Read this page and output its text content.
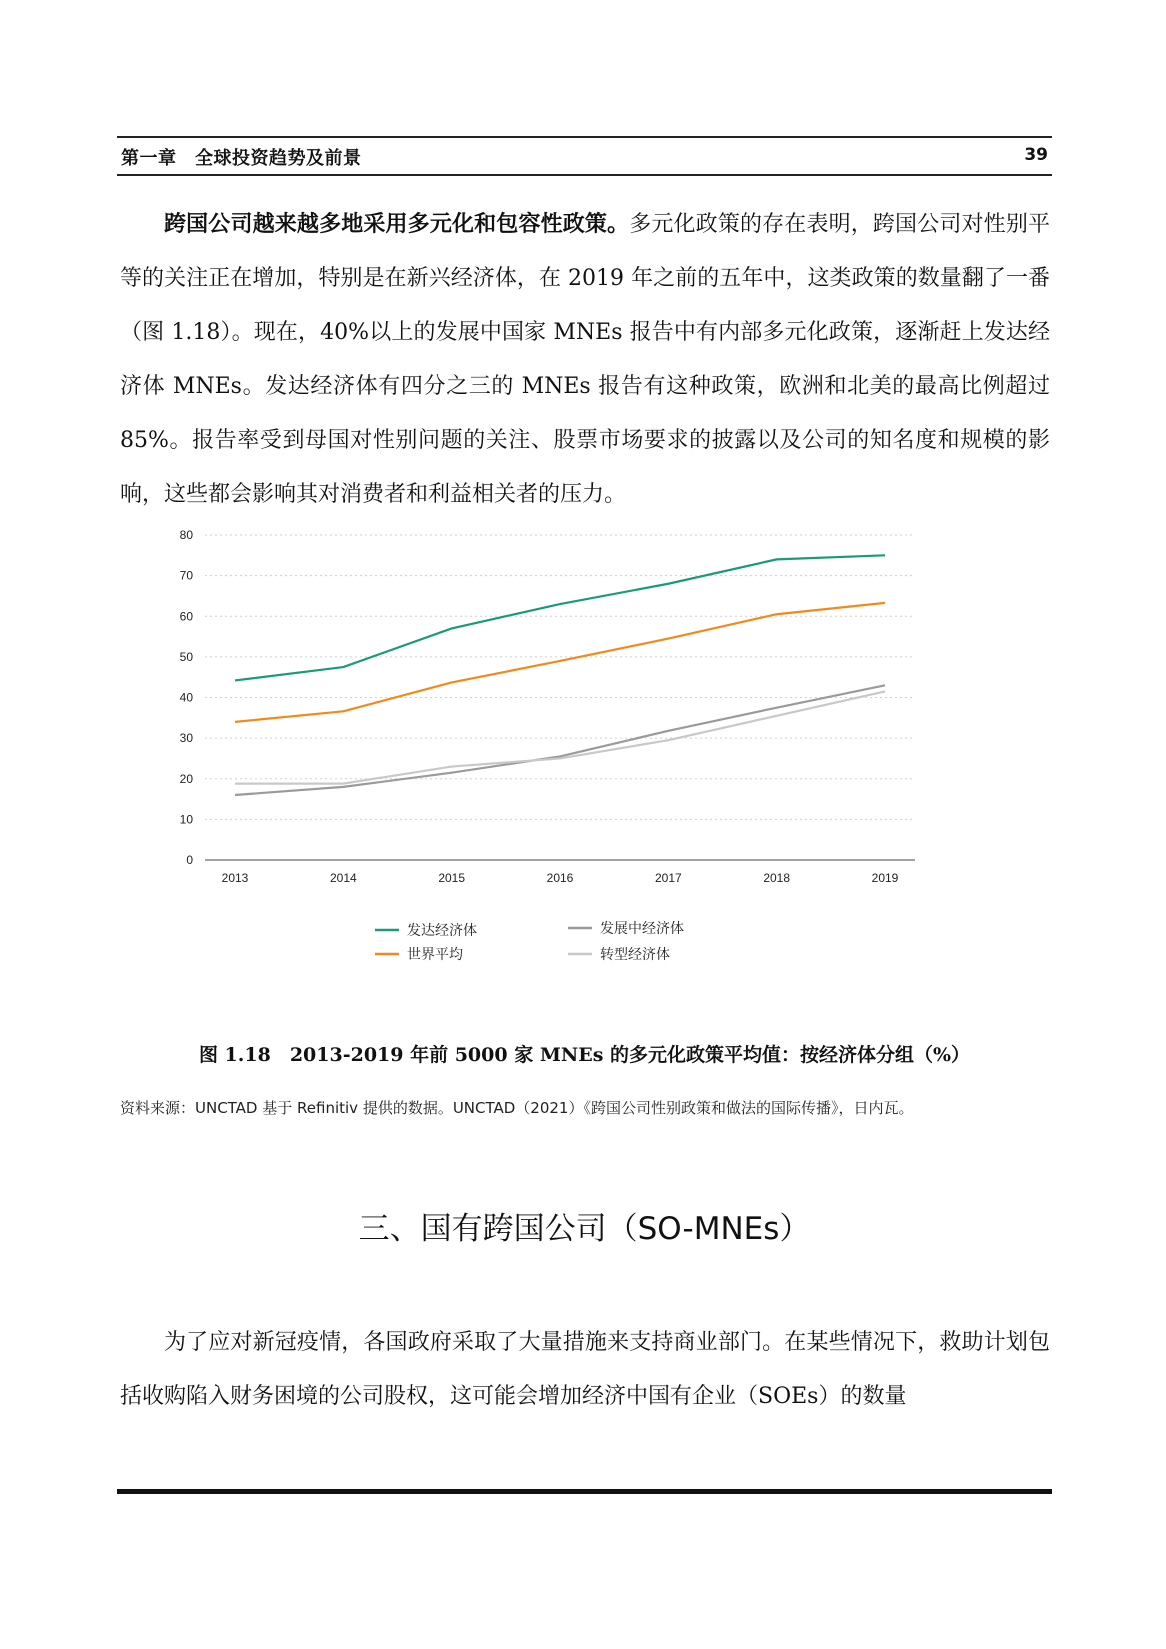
第一章　全球投资趋势及前景	39
跨国公司越来越多地采用多元化和包容性政策。多元化政策的存在表明，跨国公司对性别平等的关注正在增加，特别是在新兴经济体，在 2019 年之前的五年中，这类政策的数量翻了一番（图 1.18）。现在，40%以上的发展中国家 MNEs 报告中有内部多元化政策，逐渐赶上发达经济体 MNEs。发达经济体有四分之三的 MNEs 报告有这种政策，欧洲和北美的最高比例超过 85%。报告率受到母国对性别问题的关注、股票市场要求的披露以及公司的知名度和规模的影响，这些都会影响其对消费者和利益相关者的压力。
0
10
20
30
40
50
60
70
80
2013	2014	2015	2016	2017	2018	2019
发达经济体
世界平均
发展中经济体
转型经济体
图 1.18　2013-2019 年前 5000 家 MNEs 的多元化政策平均值：按经济体分组（%）
资料来源：UNCTAD 基于 Refinitiv 提供的数据。UNCTAD（2021）《跨国公司性别政策和做法的国际传播》，日内瓦。
三、国有跨国公司（SO-MNEs）
为了应对新冠疫情，各国政府采取了大量措施来支持商业部门。在某些情况下，救助计划包括收购陷入财务困境的公司股权，这可能会增加经济中国有企业（SOEs）的数量
